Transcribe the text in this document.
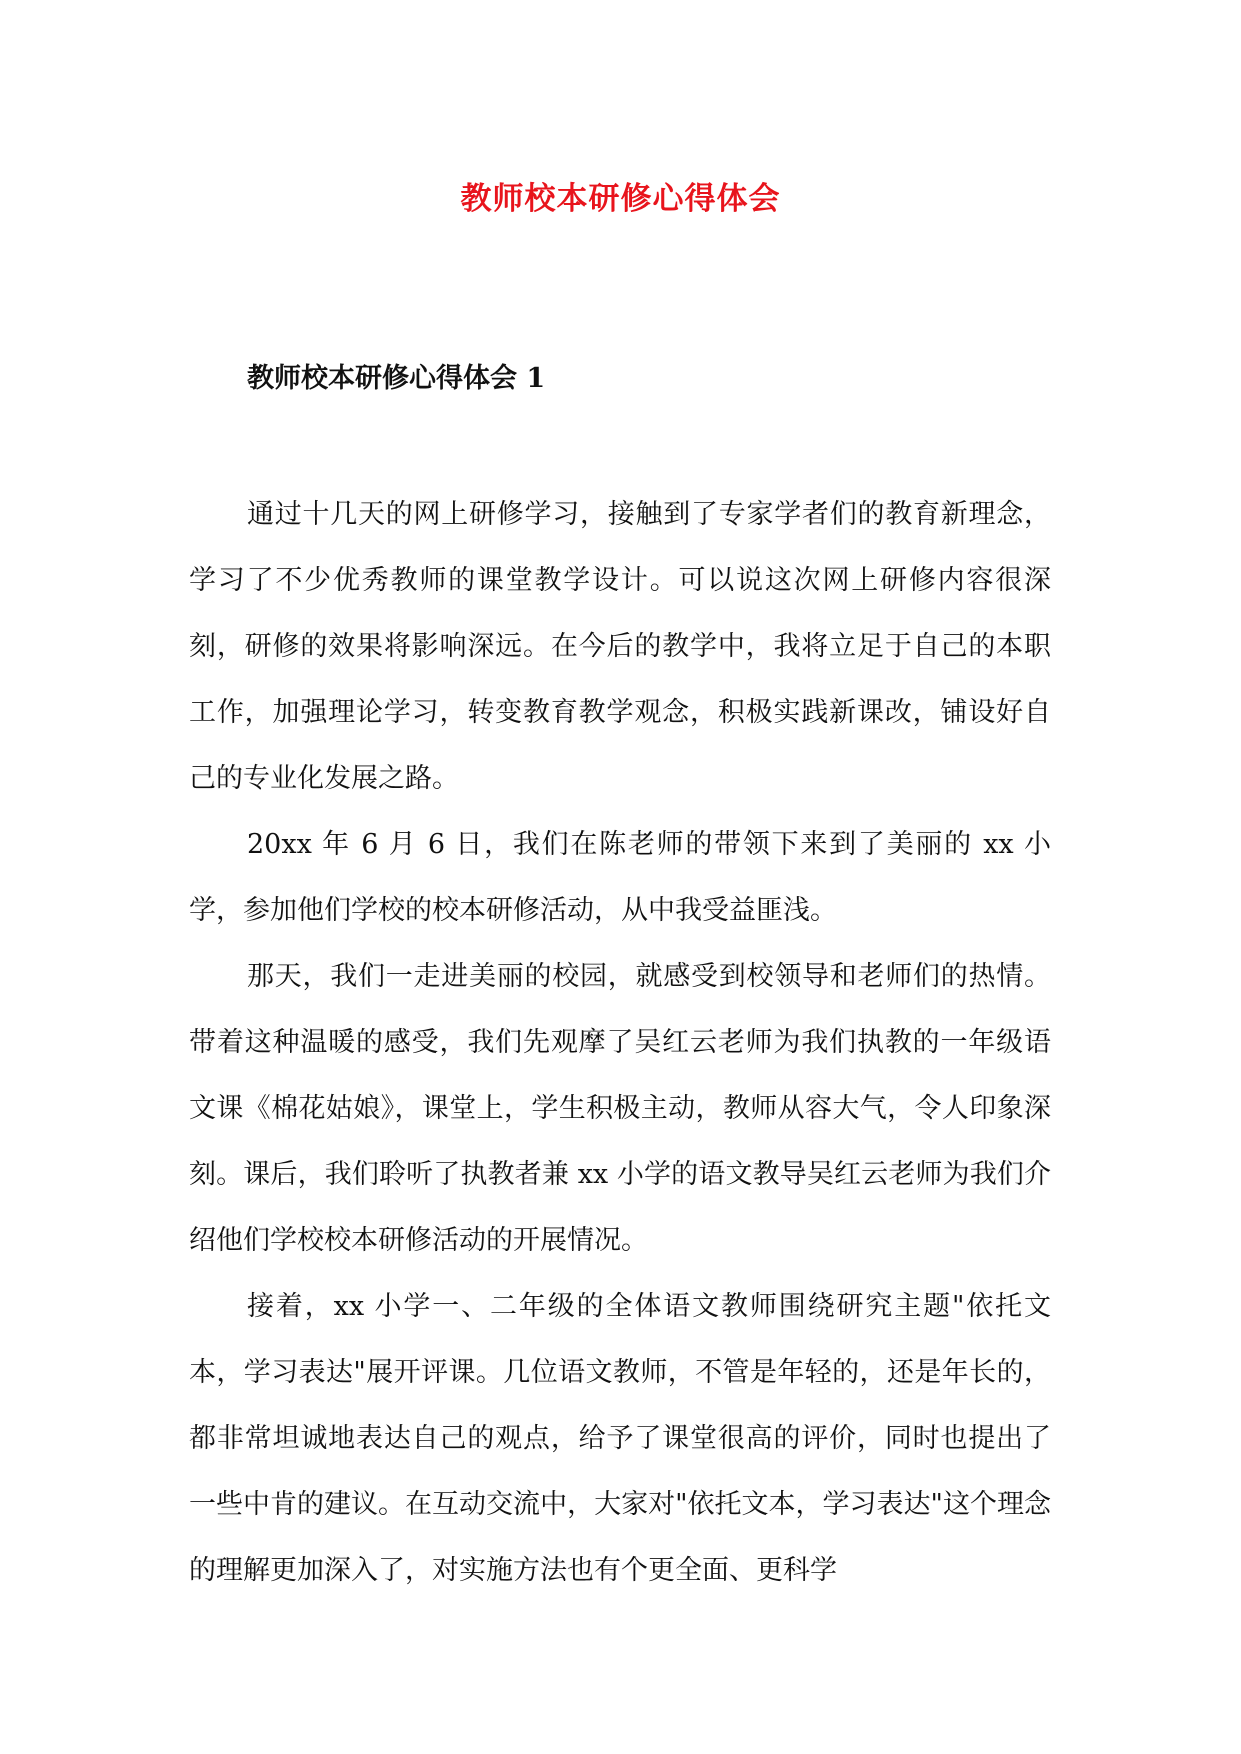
教师校本研修心得体会
教师校本研修心得体会 1

通过十几天的网上研修学习，接触到了专家学者们的教育新理念，学习了不少优秀教师的课堂教学设计。可以说这次网上研修内容很深刻，研修的效果将影响深远。在今后的教学中，我将立足于自己的本职工作，加强理论学习，转变教育教学观念，积极实践新课改，铺设好自己的专业化发展之路。

20xx 年 6 月 6 日，我们在陈老师的带领下来到了美丽的 xx 小学，参加他们学校的校本研修活动，从中我受益匪浅。

那天，我们一走进美丽的校园，就感受到校领导和老师们的热情。带着这种温暖的感受，我们先观摩了吴红云老师为我们执教的一年级语文课《棉花姑娘》，课堂上，学生积极主动，教师从容大气，令人印象深刻。课后，我们聆听了执教者兼 xx 小学的语文教导吴红云老师为我们介绍他们学校校本研修活动的开展情况。

接着，xx 小学一、二年级的全体语文教师围绕研究主题"依托文本，学习表达"展开评课。几位语文教师，不管是年轻的，还是年长的，都非常坦诚地表达自己的观点，给予了课堂很高的评价，同时也提出了一些中肯的建议。在互动交流中，大家对"依托文本，学习表达"这个理念的理解更加深入了，对实施方法也有个更全面、更科学
